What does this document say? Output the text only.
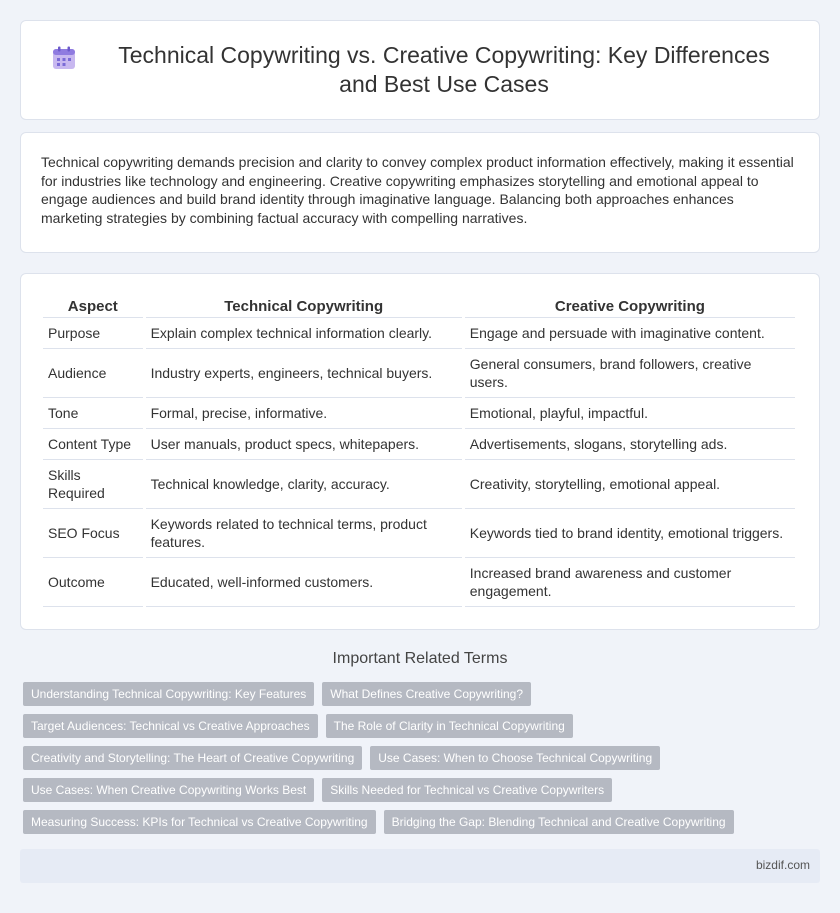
Technical Copywriting vs. Creative Copywriting: Key Differences and Best Use Cases

Technical copywriting demands precision and clarity to convey complex product information effectively, making it essential for industries like technology and engineering. Creative copywriting emphasizes storytelling and emotional appeal to engage audiences and build brand identity through imaginative language. Balancing both approaches enhances marketing strategies by combining factual accuracy with compelling narratives.

Aspect	Technical Copywriting	Creative Copywriting
Purpose	Explain complex technical information clearly.	Engage and persuade with imaginative content.
Audience	Industry experts, engineers, technical buyers.	General consumers, brand followers, creative users.
Tone	Formal, precise, informative.	Emotional, playful, impactful.
Content Type	User manuals, product specs, whitepapers.	Advertisements, slogans, storytelling ads.
Skills Required	Technical knowledge, clarity, accuracy.	Creativity, storytelling, emotional appeal.
SEO Focus	Keywords related to technical terms, product features.	Keywords tied to brand identity, emotional triggers.
Outcome	Educated, well-informed customers.	Increased brand awareness and customer engagement.
Important Related Terms
Understanding Technical Copywriting: Key Features	What Defines Creative Copywriting?
Target Audiences: Technical vs Creative Approaches	The Role of Clarity in Technical Copywriting
Creativity and Storytelling: The Heart of Creative Copywriting	Use Cases: When to Choose Technical Copywriting
Use Cases: When Creative Copywriting Works Best	Skills Needed for Technical vs Creative Copywriters
Measuring Success: KPIs for Technical vs Creative Copywriting	Bridging the Gap: Blending Technical and Creative Copywriting
bizdif.com
